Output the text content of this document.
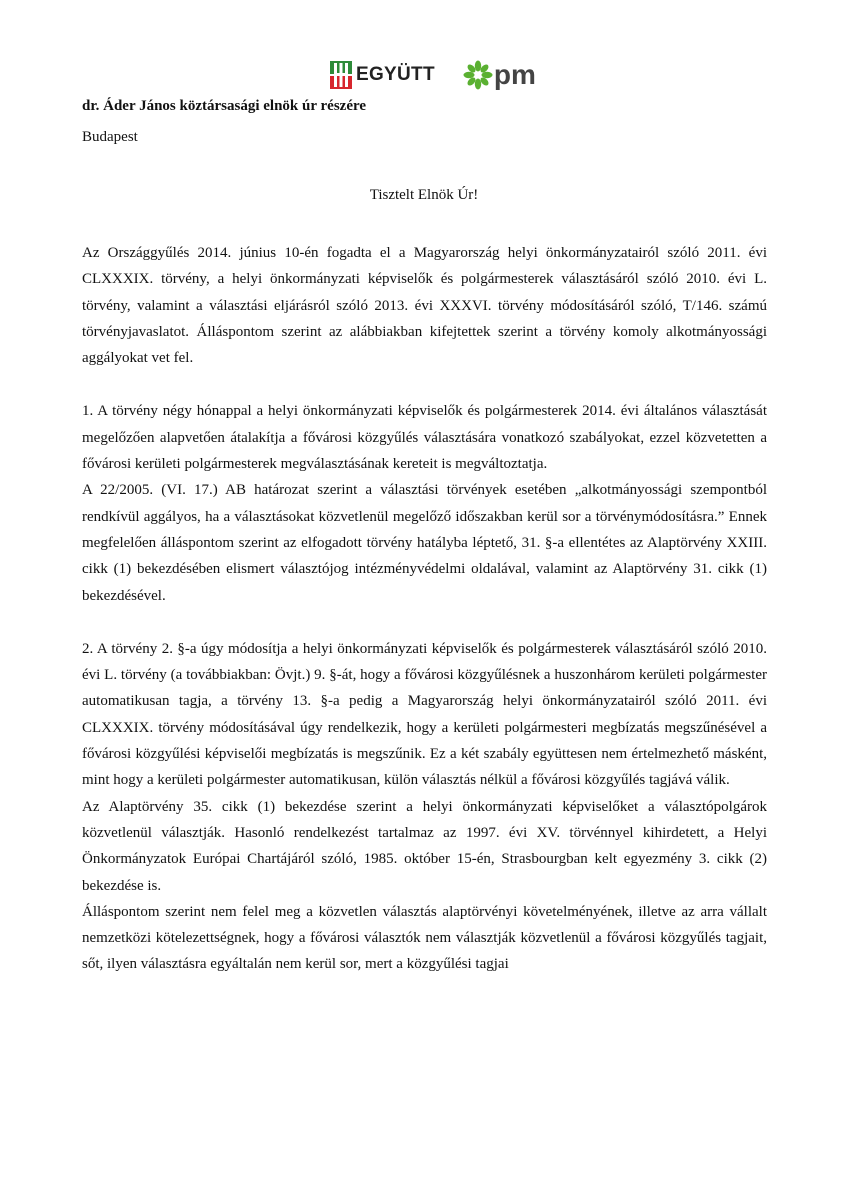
EGYÜTT pm
dr. Áder János köztársasági elnök úr részére
Budapest
Tisztelt Elnök Úr!

Az Országgyűlés 2014. június 10-én fogadta el a Magyarország helyi önkormányzatairól szóló 2011. évi CLXXXIX. törvény, a helyi önkormányzati képviselők és polgármesterek választásáról szóló 2010. évi L. törvény, valamint a választási eljárásról szóló 2013. évi XXXVI. törvény módosításáról szóló, T/146. számú törvényjavaslatot. Álláspontom szerint az alábbiakban kifejtettek szerint a törvény komoly alkotmányossági aggályokat vet fel.

1. A törvény négy hónappal a helyi önkormányzati képviselők és polgármesterek 2014. évi általános választását megelőzően alapvetően átalakítja a fővárosi közgyűlés választására vonatkozó szabályokat, ezzel közvetetten a fővárosi kerületi polgármesterek megválasztásának kereteit is megváltoztatja.

A 22/2005. (VI. 17.) AB határozat szerint a választási törvények esetében „alkotmányossági szempontból rendkívül aggályos, ha a választásokat közvetlenül megelőző időszakban kerül sor a törvénymódosításra.” Ennek megfelelően álláspontom szerint az elfogadott törvény hatályba léptető, 31. §-a ellentétes az Alaptörvény XXIII. cikk (1) bekezdésében elismert választójog intézményvédelmi oldalával, valamint az Alaptörvény 31. cikk (1) bekezdésével.

2. A törvény 2. §-a úgy módosítja a helyi önkormányzati képviselők és polgármesterek választásáról szóló 2010. évi L. törvény (a továbbiakban: Övjt.) 9. §-át, hogy a fővárosi közgyűlésnek a huszonhárom kerületi polgármester automatikusan tagja, a törvény 13. §-a pedig a Magyarország helyi önkormányzatairól szóló 2011. évi CLXXXIX. törvény módosításával úgy rendelkezik, hogy a kerületi polgármesteri megbízatás megszűnésével a fővárosi közgyűlési képviselői megbízatás is megszűnik. Ez a két szabály együttesen nem értelmezhető másként, mint hogy a kerületi polgármester automatikusan, külön választás nélkül a fővárosi közgyűlés tagjává válik.

Az Alaptörvény 35. cikk (1) bekezdése szerint a helyi önkormányzati képviselőket a választópolgárok közvetlenül választják. Hasonló rendelkezést tartalmaz az 1997. évi XV. törvénnyel kihirdetett, a Helyi Önkormányzatok Európai Chartájáról szóló, 1985. október 15-én, Strasbourgban kelt egyezmény 3. cikk (2) bekezdése is.

Álláspontom szerint nem felel meg a közvetlen választás alaptörvényi követelményének, illetve az arra vállalt nemzetközi kötelezettségnek, hogy a fővárosi választók nem választják közvetlenül a fővárosi közgyűlés tagjait, sőt, ilyen választásra egyáltalán nem kerül sor, mert a közgyűlési tagjai
